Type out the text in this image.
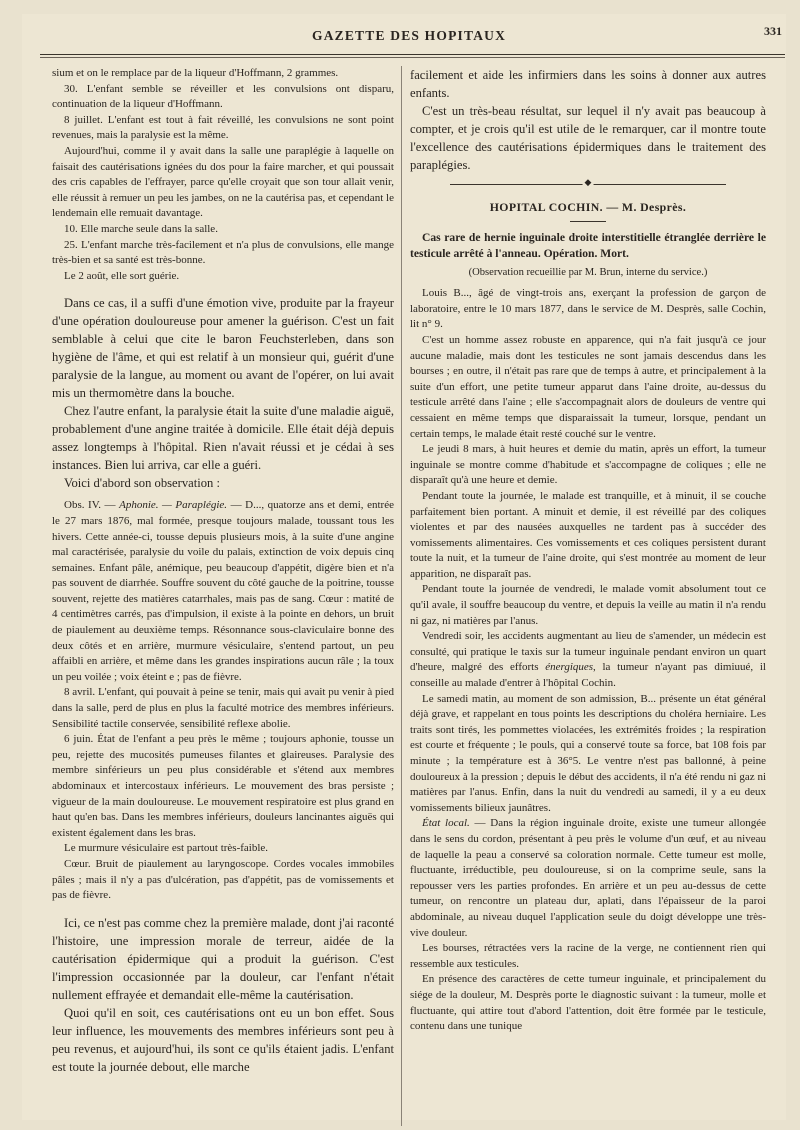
GAZETTE DES HOPITAUX	331

sium et on le remplace par de la liqueur d'Hoffmann, 2 grammes.

30. L'enfant semble se réveiller et les convulsions ont disparu, continuation de la liqueur d'Hoffmann.

8 juillet. L'enfant est tout à fait réveillé, les convulsions ne sont point revenues, mais la paralysie est la même.

Aujourd'hui, comme il y avait dans la salle une paraplégie à laquelle on faisait des cautérisations ignées du dos pour la faire marcher, et qui poussait des cris capables de l'effrayer, parce qu'elle croyait que son tour allait venir, elle réussit à remuer un peu les jambes, on ne la cautérisa pas, et cependant le lendemain elle remuait davantage.

10. Elle marche seule dans la salle.

25. L'enfant marche très-facilement et n'a plus de convulsions, elle mange très-bien et sa santé est très-bonne.

Le 2 août, elle sort guérie.

Dans ce cas, il a suffi d'une émotion vive, produite par la frayeur d'une opération douloureuse pour amener la guérison. C'est un fait semblable à celui que cite le baron Feuchsterleben, dans son hygiène de l'âme, et qui est relatif à un monsieur qui, guérit d'une paralysie de la langue, au moment ou avant de l'opérer, on lui avait mis un thermomètre dans la bouche.

Chez l'autre enfant, la paralysie était la suite d'une maladie aiguë, probablement d'une angine traitée à domicile. Elle était déjà depuis assez longtemps à l'hôpital. Rien n'avait réussi et je cédai à ses instances. Bien lui arriva, car elle a guéri.

Voici d'abord son observation :

Obs. IV. — Aphonie. — Paraplégie. — D..., quatorze ans et demi, entrée le 27 mars 1876, mal formée, presque toujours malade, toussant tous les hivers. Cette année-ci, tousse depuis plusieurs mois, à la suite d'une angine mal caractérisée, paralysie du voile du palais, extinction de voix depuis cinq semaines. Enfant pâle, anémique, peu beaucoup d'appétit, digère bien et n'a pas souvent de diarrhée. Souffre souvent du côté gauche de la poitrine, tousse souvent, rejette des matières catarrhales, mais pas de sang. Cœur : matité de 4 centimètres carrés, pas d'impulsion, il existe à la pointe en dehors, un bruit de piaulement au deuxième temps. Résonnance sous-claviculaire bonne des deux côtés et en arrière, murmure vésiculaire, s'entend partout, un peu affaibli en arrière, et même dans les grandes inspirations aucun râle ; la toux un peu voilée ; voix éteint e ; pas de fièvre.

8 avril. L'enfant, qui pouvait à peine se tenir, mais qui avait pu venir à pied dans la salle, perd de plus en plus la faculté motrice des membres inférieurs. Sensibilité tactile conservée, sensibilité reflexe abolie.

6 juin. État de l'enfant a peu près le même ; toujours aphonie, tousse un peu, rejette des mucosités pumeuses filantes et glaireuses. Paralysie des membre sinférieurs un peu plus considérable et s'étend aux membres abdominaux et intercostaux inférieurs. Le mouvement des bras persiste ; vigueur de la main douloureuse. Le mouvement respiratoire est plus grand en haut qu'en bas. Dans les membres inférieurs, douleurs lancinantes aiguës qui existent également dans les bras.

Le murmure vésiculaire est partout très-faible.

Cœur. Bruit de piaulement au laryngoscope. Cordes vocales immobiles pâles ; mais il n'y a pas d'ulcération, pas d'appétit, pas de vomissements et pas de fièvre.

Ici, ce n'est pas comme chez la première malade, dont j'ai raconté l'histoire, une impression morale de terreur, aidée de la cautérisation épidermique qui a produit la guérison. C'est l'impression occasionnée par la douleur, car l'enfant n'était nullement effrayée et demandait elle-même la cautérisation.

Quoi qu'il en soit, ces cautérisations ont eu un bon effet. Sous leur influence, les mouvements des membres inférieurs sont peu à peu revenus, et aujourd'hui, ils sont ce qu'ils étaient jadis. L'enfant est toute la journée debout, elle marche

facilement et aide les infirmiers dans les soins à donner aux autres enfants.

C'est un très-beau résultat, sur lequel il n'y avait pas beaucoup à compter, et je crois qu'il est utile de le remarquer, car il montre toute l'excellence des cautérisations épidermiques dans le traitement des paraplégies.

◆

HOPITAL COCHIN. — M. Desprès.

Cas rare de hernie inguinale droite interstitielle étranglée derrière le testicule arrêté à l'anneau. Opération. Mort.

(Observation recueillie par M. Brun, interne du service.)

Louis B..., âgé de vingt-trois ans, exerçant la profession de garçon de laboratoire, entre le 10 mars 1877, dans le service de M. Desprès, salle Cochin, lit n° 9.

C'est un homme assez robuste en apparence, qui n'a fait jusqu'à ce jour aucune maladie, mais dont les testicules ne sont jamais descendus dans les bourses ; en outre, il n'était pas rare que de temps à autre, et principalement à la suite d'un effort, une petite tumeur apparut dans l'aine droite, au-dessus du testicule arrêté dans l'aine ; elle s'accompagnait alors de douleurs de ventre qui cessaient en même temps que disparaissait la tumeur, lorsque, pendant un certain temps, le malade était resté couché sur le ventre.

Le jeudi 8 mars, à huit heures et demie du matin, après un effort, la tumeur inguinale se montre comme d'habitude et s'accompagne de coliques ; elle ne disparaît qu'à une heure et demie.

Pendant toute la journée, le malade est tranquille, et à minuit, il se couche parfaitement bien portant. A minuit et demie, il est réveillé par des coliques violentes et par des nausées auxquelles ne tardent pas à succéder des vomissements alimentaires. Ces vomissements et ces coliques persistent durant toute la nuit, et la tumeur de l'aine droite, qui s'est montrée au moment de leur apparition, ne disparaît pas.

Pendant toute la journée de vendredi, le malade vomit absolument tout ce qu'il avale, il souffre beaucoup du ventre, et depuis la veille au matin il n'a rendu ni gaz, ni matières par l'anus.

Vendredi soir, les accidents augmentant au lieu de s'amender, un médecin est consulté, qui pratique le taxis sur la tumeur inguinale pendant environ un quart d'heure, malgré des efforts énergiques, la tumeur n'ayant pas dimiuué, il conseille au malade d'entrer à l'hôpital Cochin.

Le samedi matin, au moment de son admission, B... présente un état général déjà grave, et rappelant en tous points les descriptions du choléra herniaire. Les traits sont tirés, les pommettes violacées, les extrémités froides ; la respiration est courte et fréquente ; le pouls, qui a conservé toute sa force, bat 108 fois par minute ; la température est à 36°5. Le ventre n'est pas ballonné, à peine douloureux à la pression ; depuis le début des accidents, il n'a été rendu ni gaz ni matières par l'anus. Enfin, dans la nuit du vendredi au samedi, il y a eu deux vomissements bilieux jaunâtres.

État local. — Dans la région inguinale droite, existe une tumeur allongée dans le sens du cordon, présentant à peu près le volume d'un œuf, et au niveau de laquelle la peau a conservé sa coloration normale. Cette tumeur est molle, fluctuante, irréductible, peu douloureuse, si on la comprime seule, sans la repousser vers les parties profondes. En arrière et un peu au-dessus de cette tumeur, on rencontre un plateau dur, aplati, dans l'épaisseur de la paroi abdominale, au niveau duquel l'application seule du doigt développe une très-vive douleur.

Les bourses, rétractées vers la racine de la verge, ne contiennent rien qui ressemble aux testicules.

En présence des caractères de cette tumeur inguinale, et principalement du siége de la douleur, M. Desprès porte le diagnostic suivant : la tumeur, molle et fluctuante, qui attire tout d'abord l'attention, doit être formée par le testicule, contenu dans une tunique
